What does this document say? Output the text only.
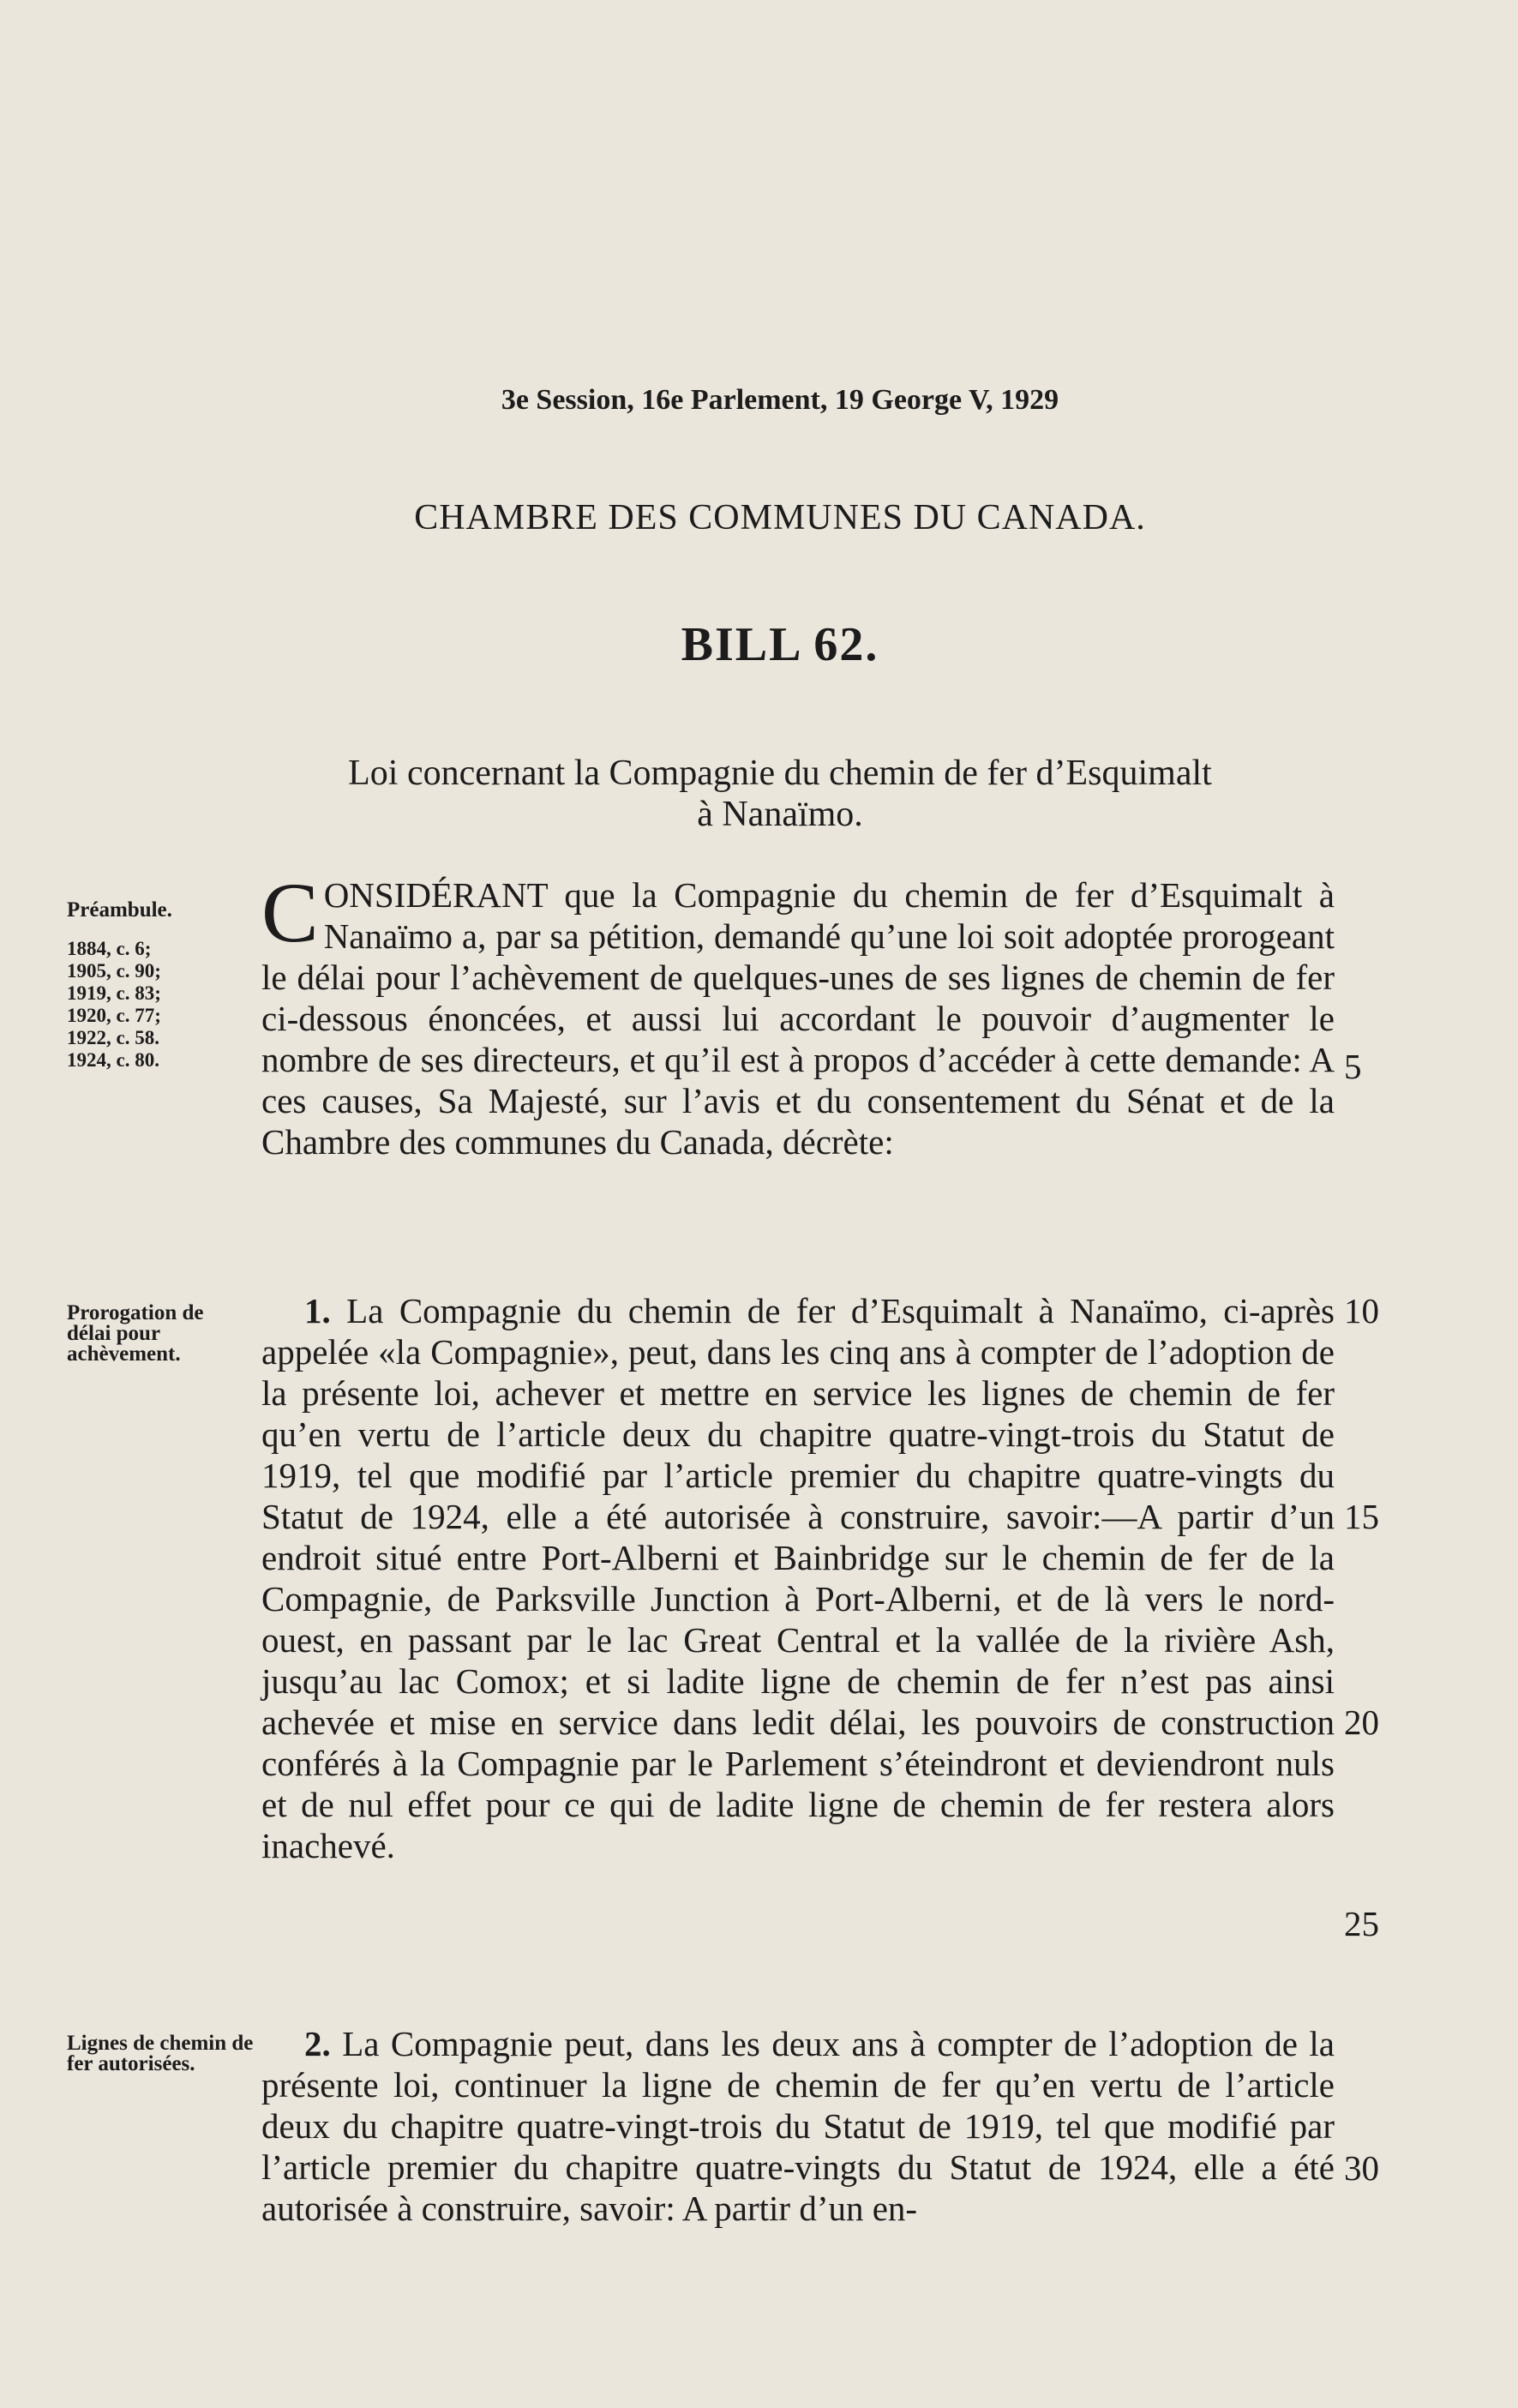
3e Session, 16e Parlement, 19 George V, 1929
CHAMBRE DES COMMUNES DU CANADA.
BILL 62.
Loi concernant la Compagnie du chemin de fer d’Esquimalt
à Nanaïmo.
Préambule.
1884, c. 6;
1905, c. 90;
1919, c. 83;
1920, c. 77;
1922, c. 58.
1924, c. 80.
Prorogation de délai pour achèvement.
Lignes de chemin de fer autorisées.

CONSIDÉRANT que la Compagnie du chemin de fer d’Esquimalt à Nanaïmo a, par sa pétition, demandé qu’une loi soit adoptée prorogeant le délai pour l’achèvement de quelques-unes de ses lignes de chemin de fer ci-dessous énoncées, et aussi lui accordant le pouvoir d’augmenter le nombre de ses directeurs, et qu’il est à propos d’accéder à cette demande: A ces causes, Sa Majesté, sur l’avis et du consentement du Sénat et de la Chambre des communes du Canada, décrète:

1. La Compagnie du chemin de fer d’Esquimalt à Nanaïmo, ci-après appelée «la Compagnie», peut, dans les cinq ans à compter de l’adoption de la présente loi, achever et mettre en service les lignes de chemin de fer qu’en vertu de l’article deux du chapitre quatre-vingt-trois du Statut de 1919, tel que modifié par l’article premier du chapitre quatre-vingts du Statut de 1924, elle a été autorisée à construire, savoir:—A partir d’un endroit situé entre Port-Alberni et Bainbridge sur le chemin de fer de la Compagnie, de Parksville Junction à Port-Alberni, et de là vers le nord-ouest, en passant par le lac Great Central et la vallée de la rivière Ash, jusqu’au lac Comox; et si ladite ligne de chemin de fer n’est pas ainsi achevée et mise en service dans ledit délai, les pouvoirs de construction conférés à la Compagnie par le Parlement s’éteindront et deviendront nuls et de nul effet pour ce qui de ladite ligne de chemin de fer restera alors inachevé.

2. La Compagnie peut, dans les deux ans à compter de l’adoption de la présente loi, continuer la ligne de chemin de fer qu’en vertu de l’article deux du chapitre quatre-vingt-trois du Statut de 1919, tel que modifié par l’article premier du chapitre quatre-vingts du Statut de 1924, elle a été autorisée à construire, savoir: A partir d’un en-

5
10
15
20
25
30
